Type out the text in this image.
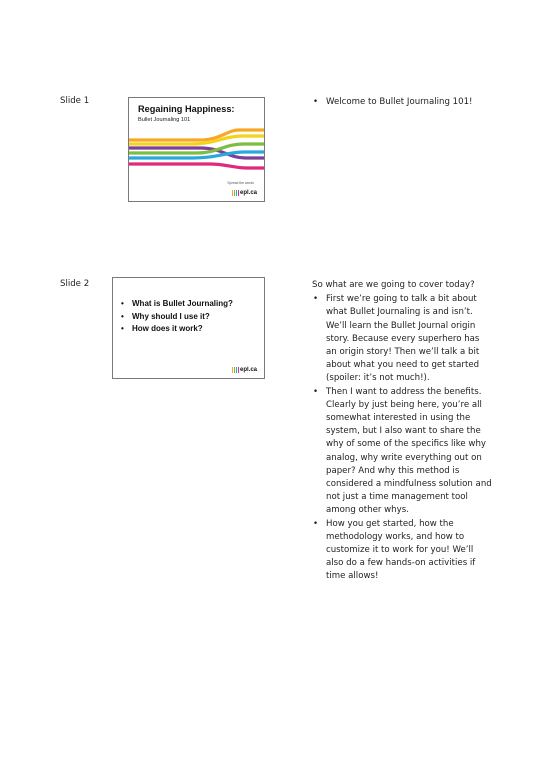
Slide 1
Regaining Happiness:
Bullet Journaling 101
Spread the words
epl.ca
• Welcome to Bullet Journaling 101!
Slide 2
• What is Bullet Journaling?
• Why should I use it?
• How does it work?
epl.ca
So what are we going to cover today?
• First we’re going to talk a bit about what Bullet Journaling is and isn’t. We’ll learn the Bullet Journal origin story. Because every superhero has an origin story! Then we’ll talk a bit about what you need to get started (spoiler: it’s not much!).
• Then I want to address the benefits. Clearly by just being here, you’re all somewhat interested in using the system, but I also want to share the why of some of the specifics like why analog, why write everything out on paper? And why this method is considered a mindfulness solution and not just a time management tool among other whys.
• How you get started, how the methodology works, and how to customize it to work for you! We’ll also do a few hands-on activities if time allows!
